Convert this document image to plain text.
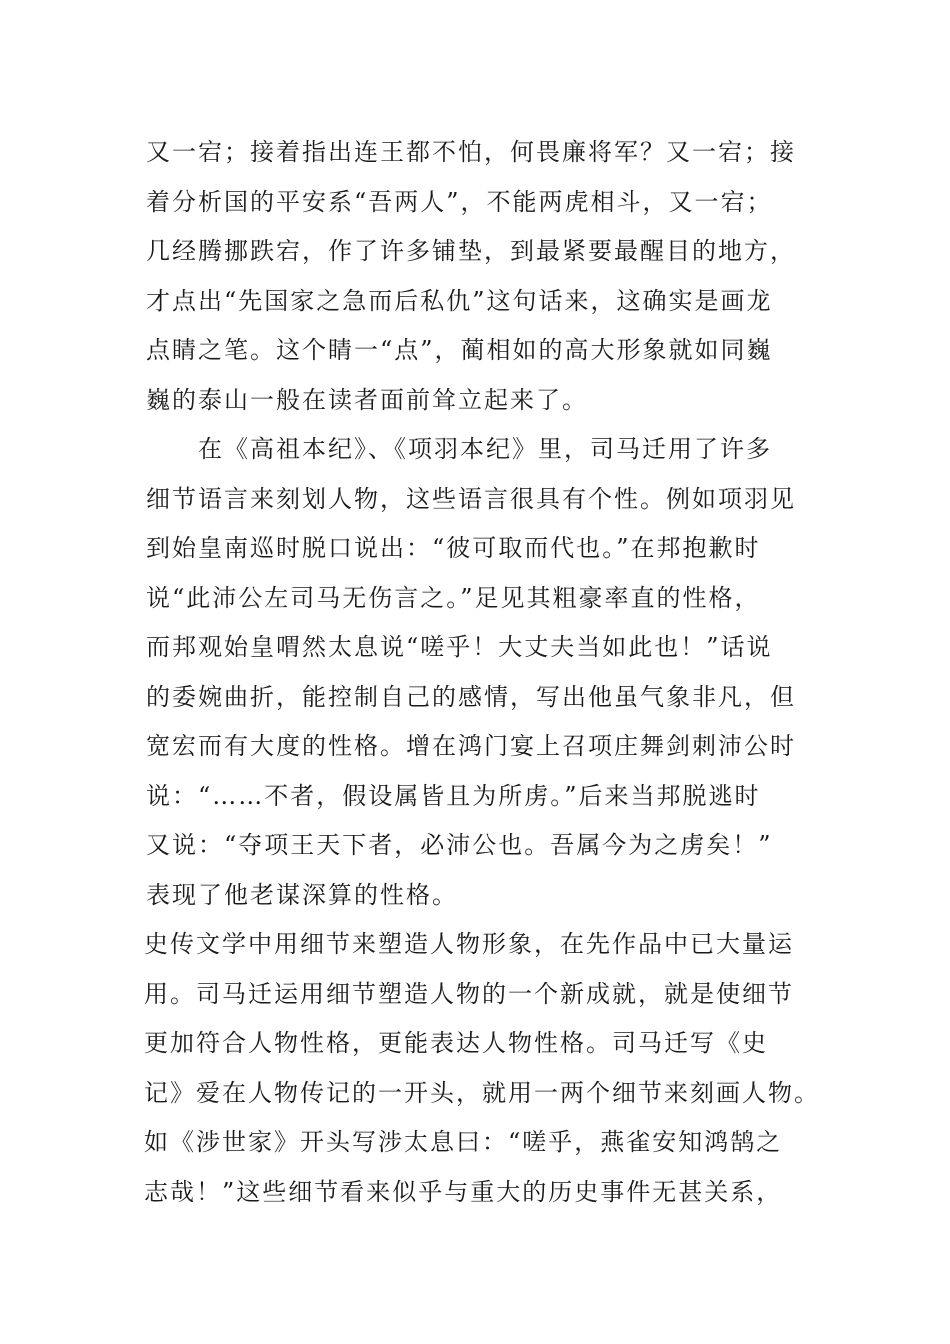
又一宕；接着指出连王都不怕，何畏廉将军？又一宕；接
着分析国的平安系“吾两人”，不能两虎相斗，又一宕；
几经腾挪跌宕，作了许多铺垫，到最紧要最醒目的地方，
才点出“先国家之急而后私仇”这句话来，这确实是画龙
点睛之笔。这个睛一“点”，蔺相如的高大形象就如同巍
巍的泰山一般在读者面前耸立起来了。
在《高祖本纪》、《项羽本纪》里，司马迁用了许多
细节语言来刻划人物，这些语言很具有个性。例如项羽见
到始皇南巡时脱口说出：“彼可取而代也。”在邦抱歉时
说“此沛公左司马无伤言之。”足见其粗豪率直的性格，
而邦观始皇喟然太息说“嗟乎！大丈夫当如此也！”话说
的委婉曲折，能控制自己的感情，写出他虽气象非凡，但
宽宏而有大度的性格。增在鸿门宴上召项庄舞剑刺沛公时
说：“……不者，假设属皆且为所虏。”后来当邦脱逃时
又说：“夺项王天下者，必沛公也。吾属今为之虏矣！”
表现了他老谋深算的性格。
史传文学中用细节来塑造人物形象，在先作品中已大量运
用。司马迁运用细节塑造人物的一个新成就，就是使细节
更加符合人物性格，更能表达人物性格。司马迁写《史
记》爱在人物传记的一开头，就用一两个细节来刻画人物。
如《涉世家》开头写涉太息曰：“嗟乎，燕雀安知鸿鹄之
志哉！”这些细节看来似乎与重大的历史事件无甚关系，
